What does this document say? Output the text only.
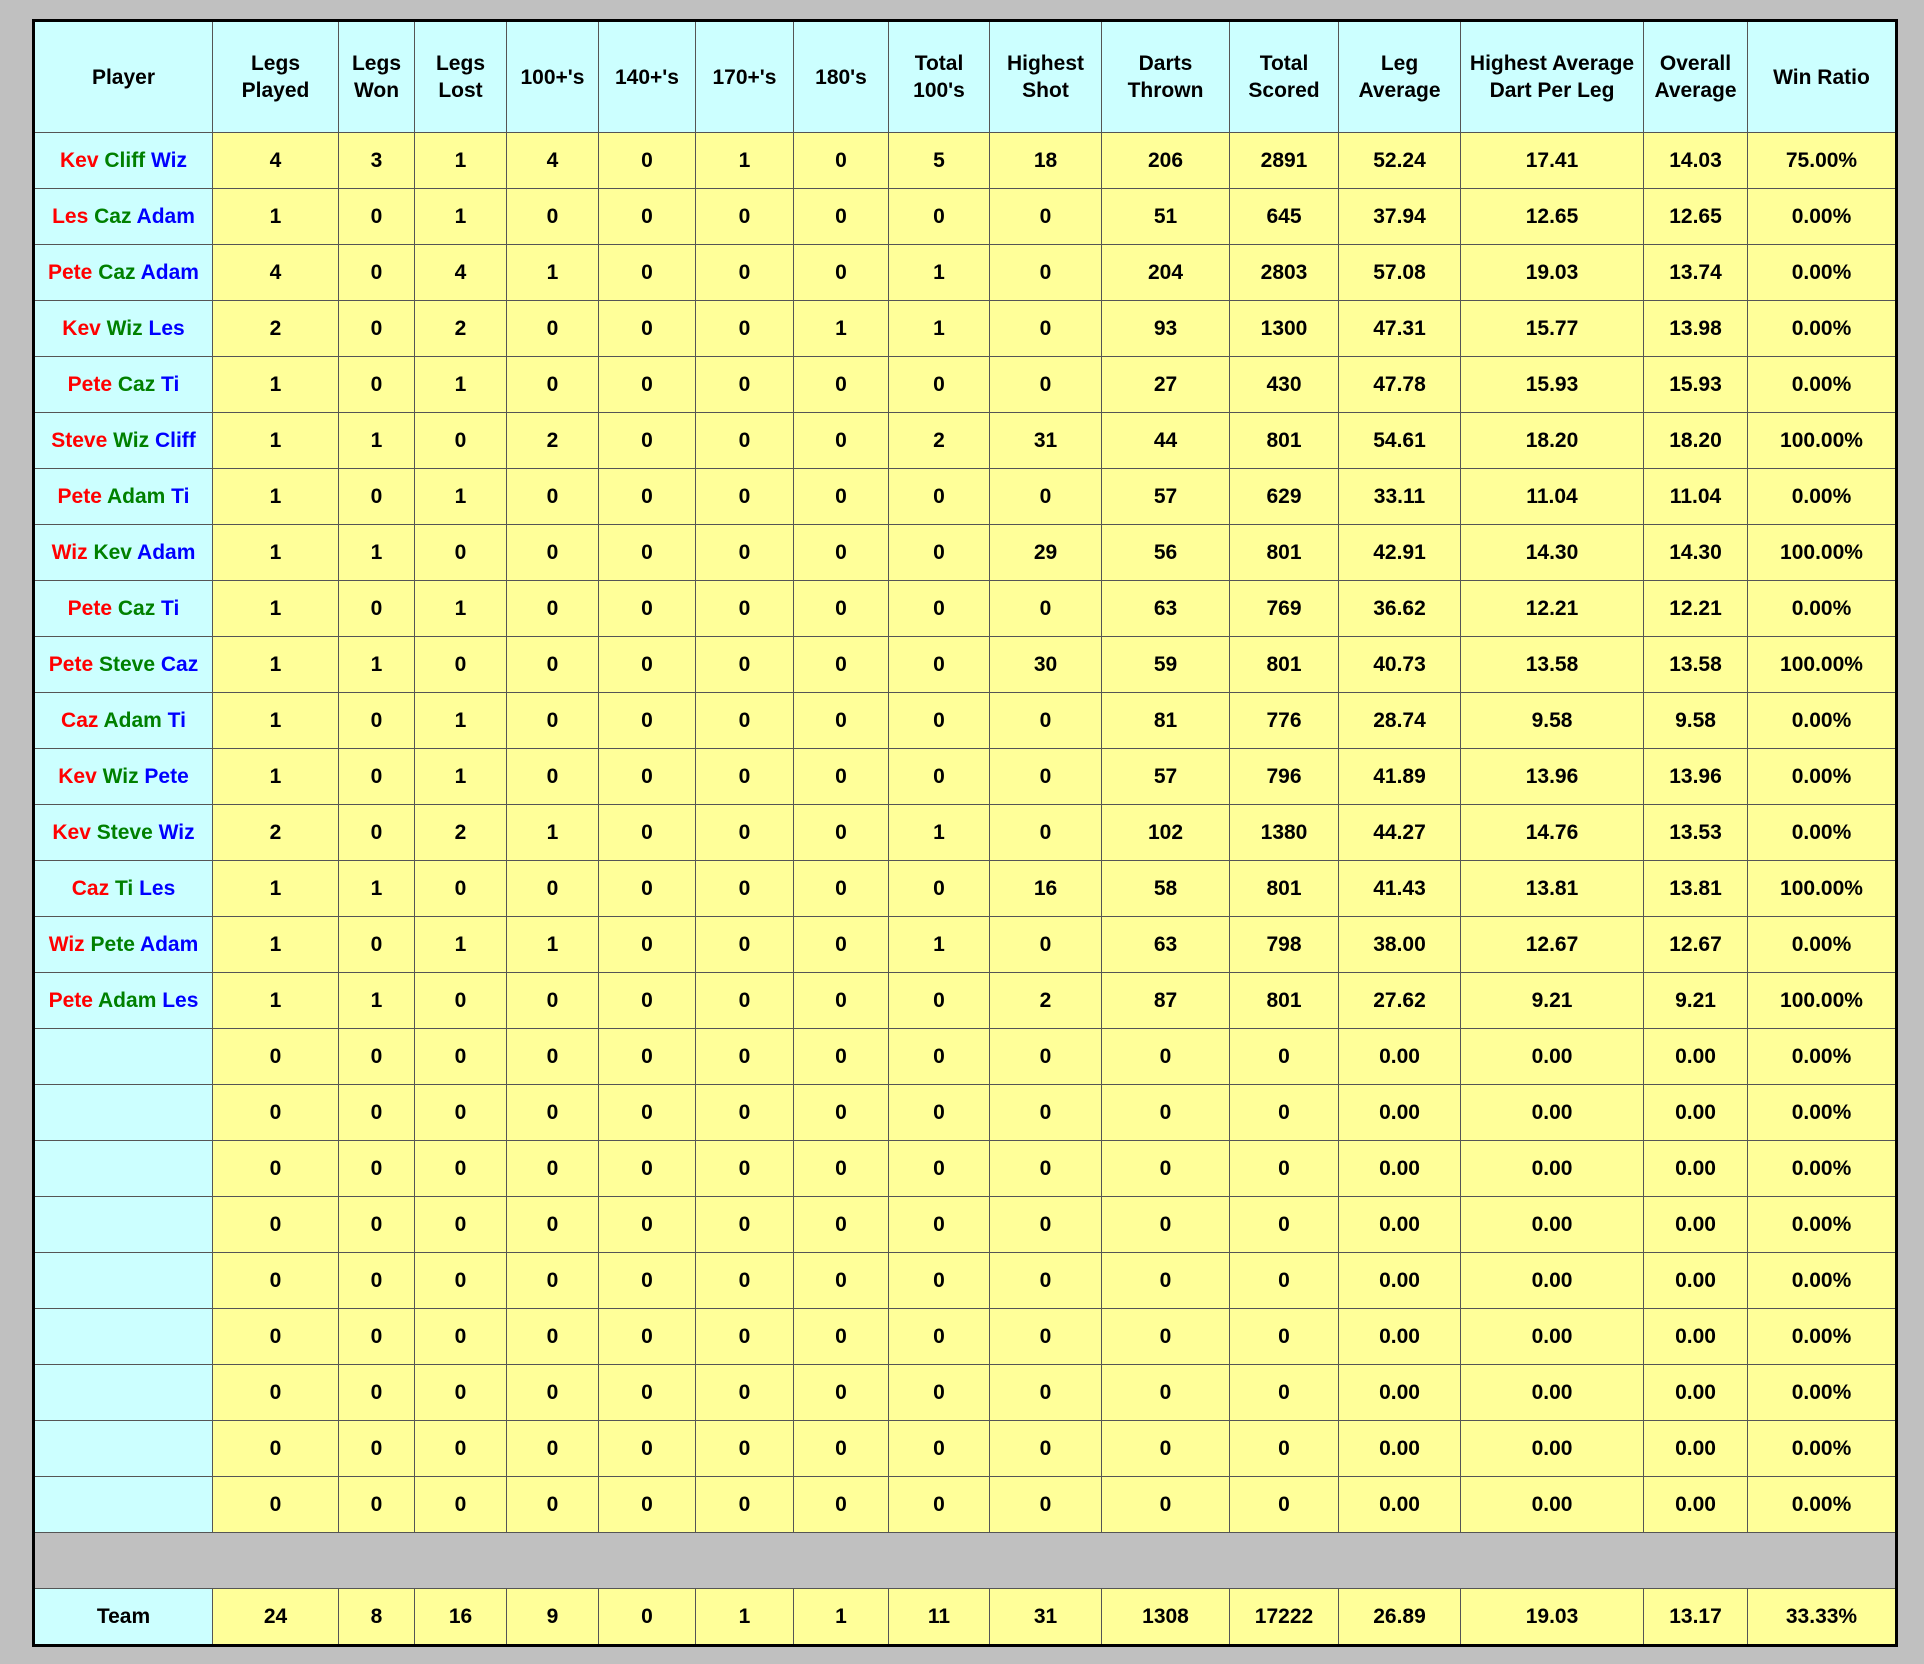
Player	Legs Played	Legs Won	Legs Lost	100+'s	140+'s	170+'s	180's	Total 100's	Highest Shot	Darts Thrown	Total Scored	Leg Average	Highest Average Dart Per Leg	Overall Average	Win Ratio
Kev Cliff Wiz	4	3	1	4	0	1	0	5	18	206	2891	52.24	17.41	14.03	75.00%
Les Caz Adam	1	0	1	0	0	0	0	0	0	51	645	37.94	12.65	12.65	0.00%
Pete Caz Adam	4	0	4	1	0	0	0	1	0	204	2803	57.08	19.03	13.74	0.00%
Kev Wiz Les	2	0	2	0	0	0	1	1	0	93	1300	47.31	15.77	13.98	0.00%
Pete Caz Ti	1	0	1	0	0	0	0	0	0	27	430	47.78	15.93	15.93	0.00%
Steve Wiz Cliff	1	1	0	2	0	0	0	2	31	44	801	54.61	18.20	18.20	100.00%
Pete Adam Ti	1	0	1	0	0	0	0	0	0	57	629	33.11	11.04	11.04	0.00%
Wiz Kev Adam	1	1	0	0	0	0	0	0	29	56	801	42.91	14.30	14.30	100.00%
Pete Caz Ti	1	0	1	0	0	0	0	0	0	63	769	36.62	12.21	12.21	0.00%
Pete Steve Caz	1	1	0	0	0	0	0	0	30	59	801	40.73	13.58	13.58	100.00%
Caz Adam Ti	1	0	1	0	0	0	0	0	0	81	776	28.74	9.58	9.58	0.00%
Kev Wiz Pete	1	0	1	0	0	0	0	0	0	57	796	41.89	13.96	13.96	0.00%
Kev Steve Wiz	2	0	2	1	0	0	0	1	0	102	1380	44.27	14.76	13.53	0.00%
Caz Ti Les	1	1	0	0	0	0	0	0	16	58	801	41.43	13.81	13.81	100.00%
Wiz Pete Adam	1	0	1	1	0	0	0	1	0	63	798	38.00	12.67	12.67	0.00%
Pete Adam Les	1	1	0	0	0	0	0	0	2	87	801	27.62	9.21	9.21	100.00%
	0	0	0	0	0	0	0	0	0	0	0	0.00	0.00	0.00	0.00%
	0	0	0	0	0	0	0	0	0	0	0	0.00	0.00	0.00	0.00%
	0	0	0	0	0	0	0	0	0	0	0	0.00	0.00	0.00	0.00%
	0	0	0	0	0	0	0	0	0	0	0	0.00	0.00	0.00	0.00%
	0	0	0	0	0	0	0	0	0	0	0	0.00	0.00	0.00	0.00%
	0	0	0	0	0	0	0	0	0	0	0	0.00	0.00	0.00	0.00%
	0	0	0	0	0	0	0	0	0	0	0	0.00	0.00	0.00	0.00%
	0	0	0	0	0	0	0	0	0	0	0	0.00	0.00	0.00	0.00%
	0	0	0	0	0	0	0	0	0	0	0	0.00	0.00	0.00	0.00%

Team	24	8	16	9	0	1	1	11	31	1308	17222	26.89	19.03	13.17	33.33%
